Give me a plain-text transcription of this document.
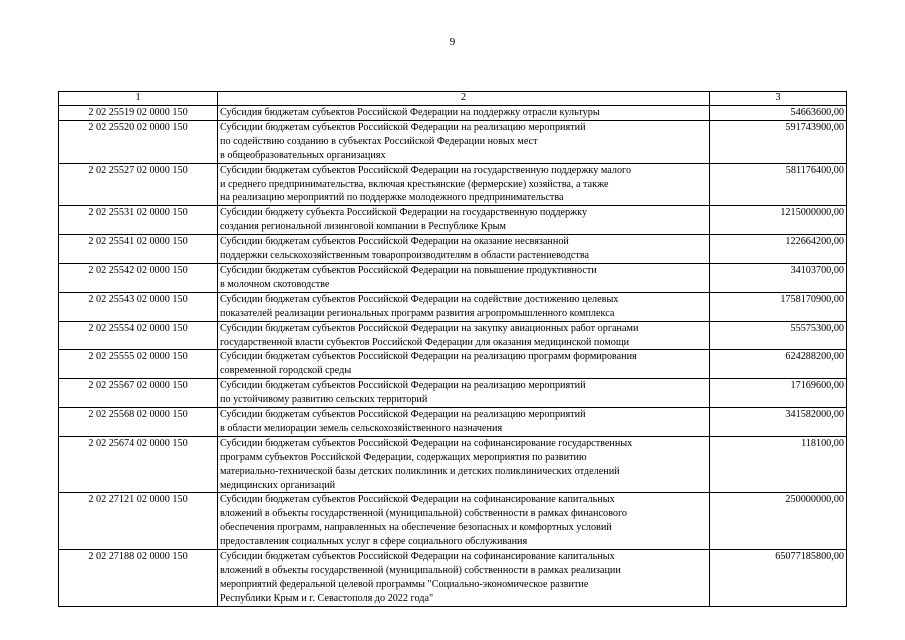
9
1	2	3
2 02 25519 02 0000 150	Субсидия бюджетам субъектов Российской Федерации на поддержку отрасли культуры	54663600,00
2 02 25520 02 0000 150	Субсидии бюджетам субъектов Российской Федерации на реализацию мероприятий
по содействию созданию в субъектах Российской Федерации новых мест
в общеобразовательных организациях	591743900,00
2 02 25527 02 0000 150	Субсидии бюджетам субъектов Российской Федерации на государственную поддержку малого
и среднего предпринимательства, включая крестьянские (фермерские) хозяйства, а также
на реализацию мероприятий по поддержке молодежного предпринимательства	581176400,00
2 02 25531 02 0000 150	Субсидии бюджету субъекта Российской Федерации на государственную поддержку
создания региональной лизинговой компании в Республике Крым	1215000000,00
2 02 25541 02 0000 150	Субсидии бюджетам субъектов Российской Федерации на оказание несвязанной
поддержки сельскохозяйственным товаропроизводителям в области растениеводства	122664200,00
2 02 25542 02 0000 150	Субсидии бюджетам субъектов Российской Федерации на повышение продуктивности
в молочном скотоводстве	34103700,00
2 02 25543 02 0000 150	Субсидии бюджетам субъектов Российской Федерации на содействие достижению целевых
показателей реализации региональных программ развития агропромышленного комплекса	1758170900,00
2 02 25554 02 0000 150	Субсидии бюджетам субъектов Российской Федерации на закупку авиационных работ органами
государственной власти субъектов Российской Федерации для оказания медицинской помощи	55575300,00
2 02 25555 02 0000 150	Субсидии бюджетам субъектов Российской Федерации на реализацию программ формирования
современной городской среды	624288200,00
2 02 25567 02 0000 150	Субсидии бюджетам субъектов Российской Федерации на реализацию мероприятий
по устойчивому развитию сельских территорий	17169600,00
2 02 25568 02 0000 150	Субсидии бюджетам субъектов Российской Федерации на реализацию мероприятий
в области мелиорации земель сельскохозяйственного назначения	341582000,00
2 02 25674 02 0000 150	Субсидии бюджетам субъектов Российской Федерации на софинансирование государственных
программ субъектов Российской Федерации, содержащих мероприятия по развитию
материально-технической базы детских поликлиник и детских поликлинических отделений
медицинских организаций	118100,00
2 02 27121 02 0000 150	Субсидии бюджетам субъектов Российской Федерации на софинансирование капитальных
вложений в объекты государственной (муниципальной) собственности в рамках финансового
обеспечения программ, направленных на обеспечение безопасных и комфортных условий
предоставления социальных услуг в сфере социального обслуживания	250000000,00
2 02 27188 02 0000 150	Субсидии бюджетам субъектов Российской Федерации на софинансирование капитальных
вложений в объекты государственной (муниципальной) собственности в рамках реализации
мероприятий федеральной целевой программы "Социально-экономическое развитие
Республики Крым и г. Севастополя до 2022 года"	65077185800,00
